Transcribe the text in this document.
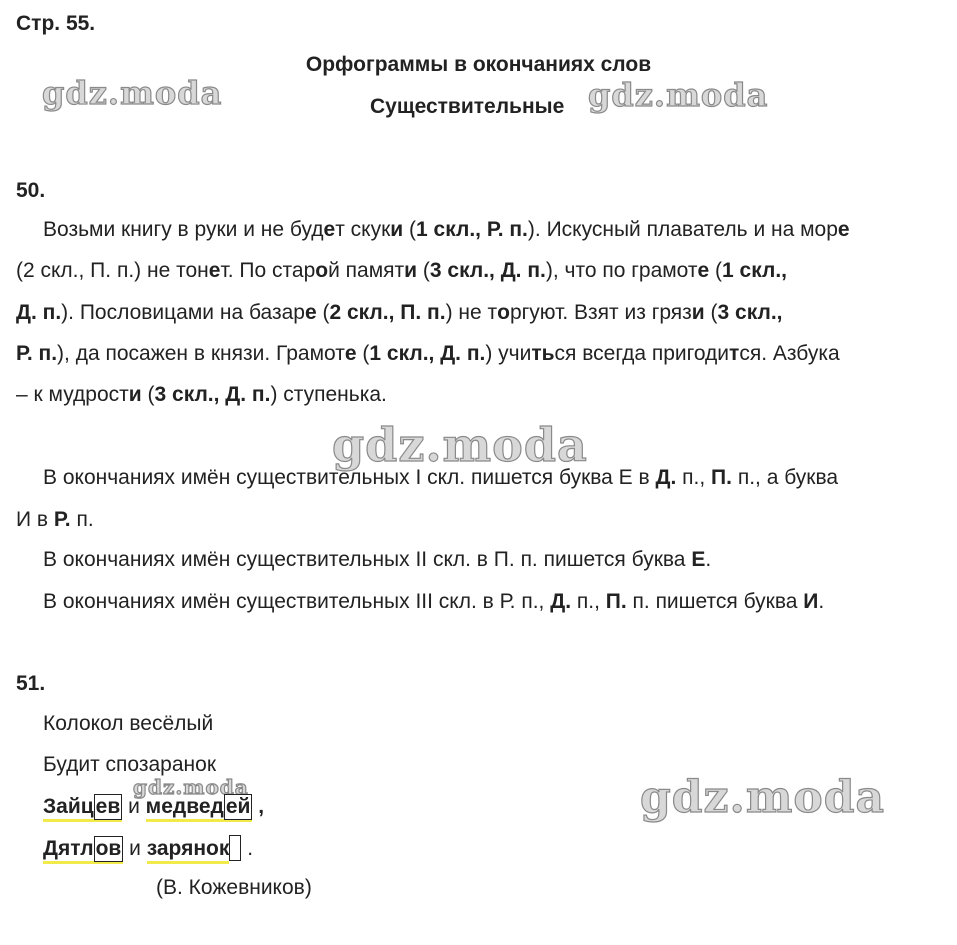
Стр. 55.

Орфограммы в окончаниях слов

Существительные

gdz.moda	gdz.moda

50.

Возьми книгу в руки и не будет скуки (1 скл., Р. п.). Искусный плаватель и на море

(2 скл., П. п.) не тонет. По старой памяти (3 скл., Д. п.), что по грамоте (1 скл.,

Д. п.). Пословицами на базаре (2 скл., П. п.) не торгуют. Взят из грязи (3 скл.,

Р. п.), да посажен в князи. Грамоте (1 скл., Д. п.) учиться всегда пригодится. Азбука

– к мудрости (3 скл., Д. п.) ступенька.

gdz.moda

В окончаниях имён существительных I скл. пишется буква Е в Д. п., П. п., а буква

И в Р. п.

В окончаниях имён существительных II скл. в П. п. пишется буква Е.

В окончаниях имён существительных III скл. в Р. п., Д. п., П. п. пишется буква И.

51.

Колокол весёлый

Будит спозаранок

gdz.moda

Зайцев и медведей ,

Дятлов и зарянок .

(В. Кожевников)

gdz.moda
